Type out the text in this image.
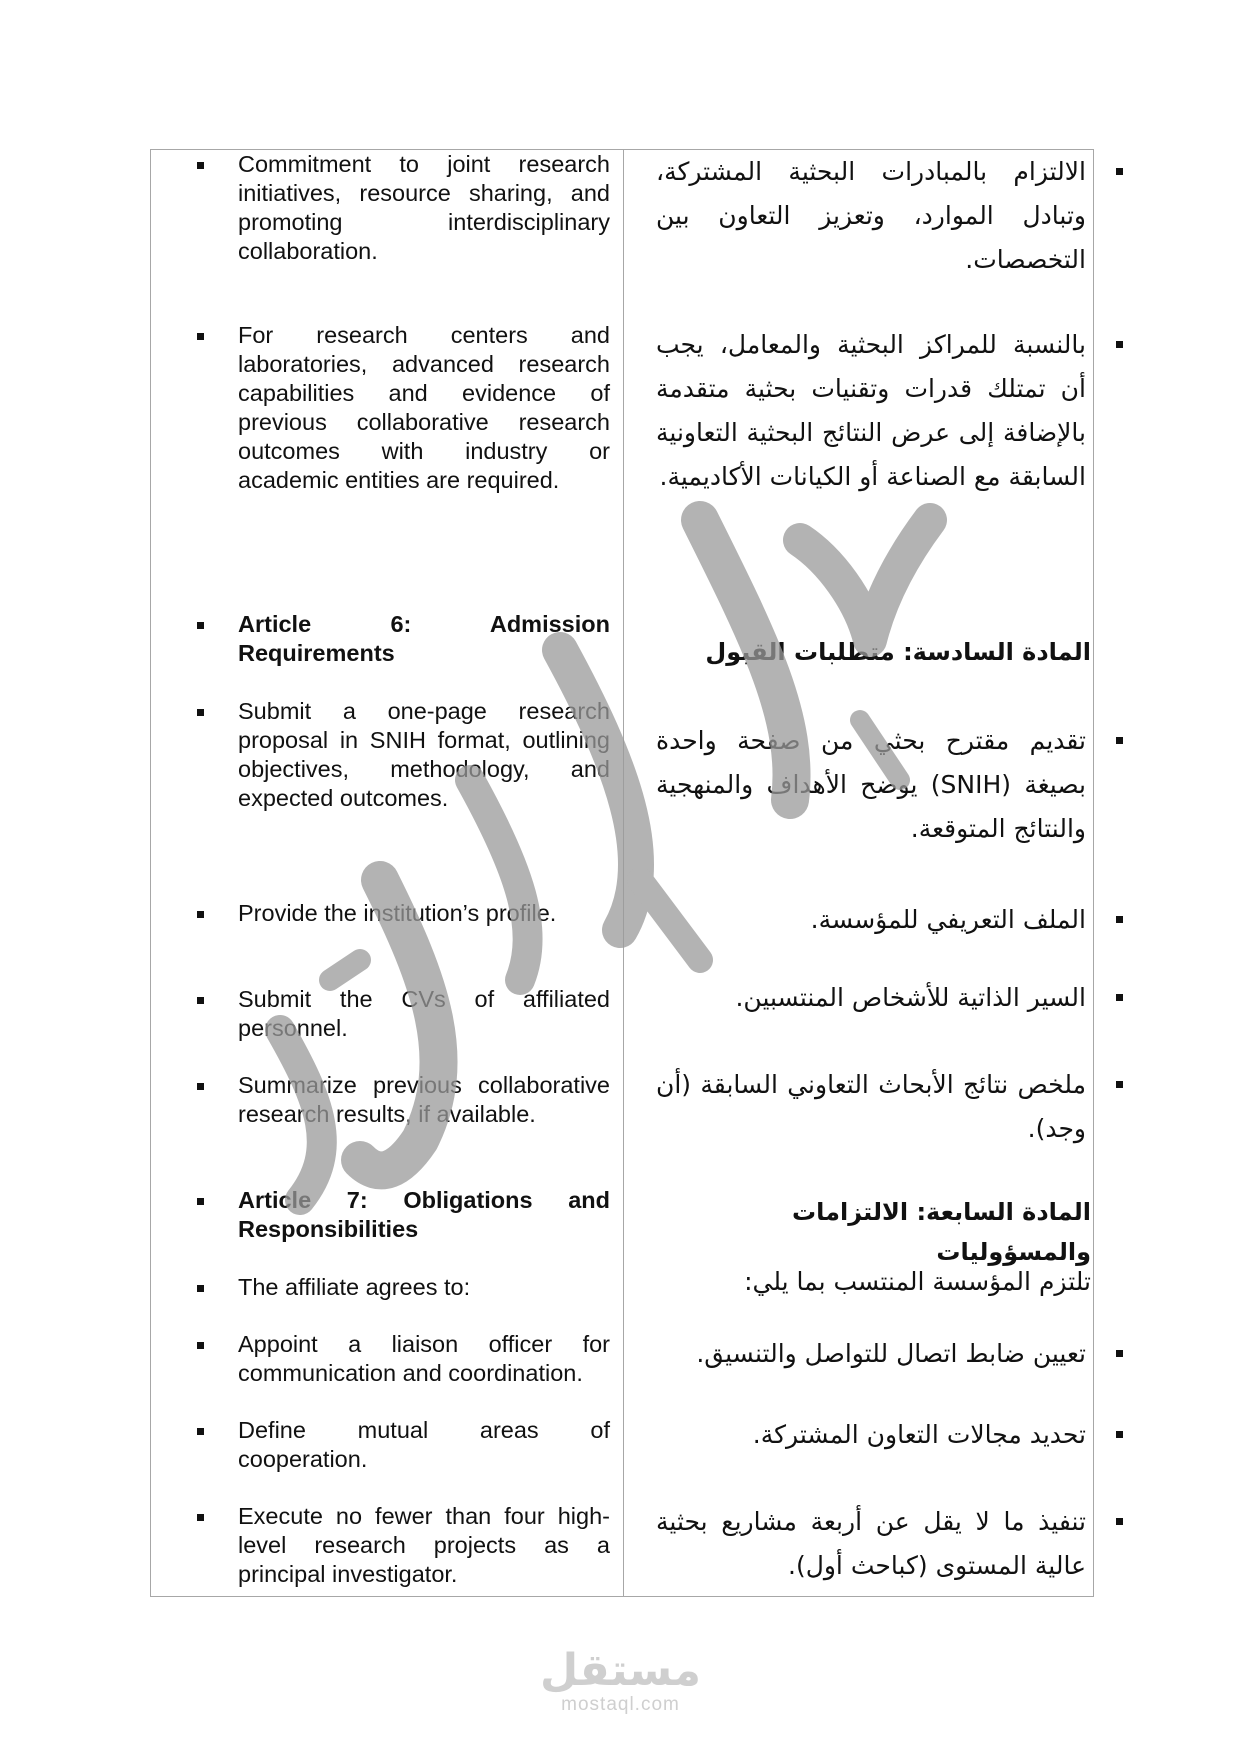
Commitment to joint research initiatives, resource sharing, and promoting interdisciplinary collaboration.
For research centers and laboratories, advanced research capabilities and evidence of previous collaborative research outcomes with industry or academic entities are required.
Article 6: Admission Requirements
Submit a one-page research proposal in SNIH format, outlining objectives, methodology, and expected outcomes.
Provide the institution’s profile.
Submit the CVs of affiliated personnel.
Summarize previous collaborative research results, if available.
Article 7: Obligations and Responsibilities
The affiliate agrees to:
Appoint a liaison officer for communication and coordination.
Define mutual areas of cooperation.
Execute no fewer than four high-level research projects as a principal investigator.
الالتزام بالمبادرات البحثية المشتركة، وتبادل الموارد، وتعزيز التعاون بين التخصصات.
بالنسبة للمراكز البحثية والمعامل، يجب أن تمتلك قدرات وتقنيات بحثية متقدمة بالإضافة إلى عرض النتائج البحثية التعاونية السابقة مع الصناعة أو الكيانات الأكاديمية.
المادة السادسة: متطلبات القبول
تقديم مقترح بحثي من صفحة واحدة بصيغة (SNIH) يوضح الأهداف والمنهجية والنتائج المتوقعة.
الملف التعريفي للمؤسسة.
السير الذاتية للأشخاص المنتسبين.
ملخص نتائج الأبحاث التعاوني السابقة (أن وجد).
المادة السابعة: الالتزامات والمسؤوليات
تلتزم المؤسسة المنتسب بما يلي:
تعيين ضابط اتصال للتواصل والتنسيق.
تحديد مجالات التعاون المشتركة.
تنفيذ ما لا يقل عن أربعة مشاريع بحثية عالية المستوى (كباحث أول).
مستقل
mostaql.com
